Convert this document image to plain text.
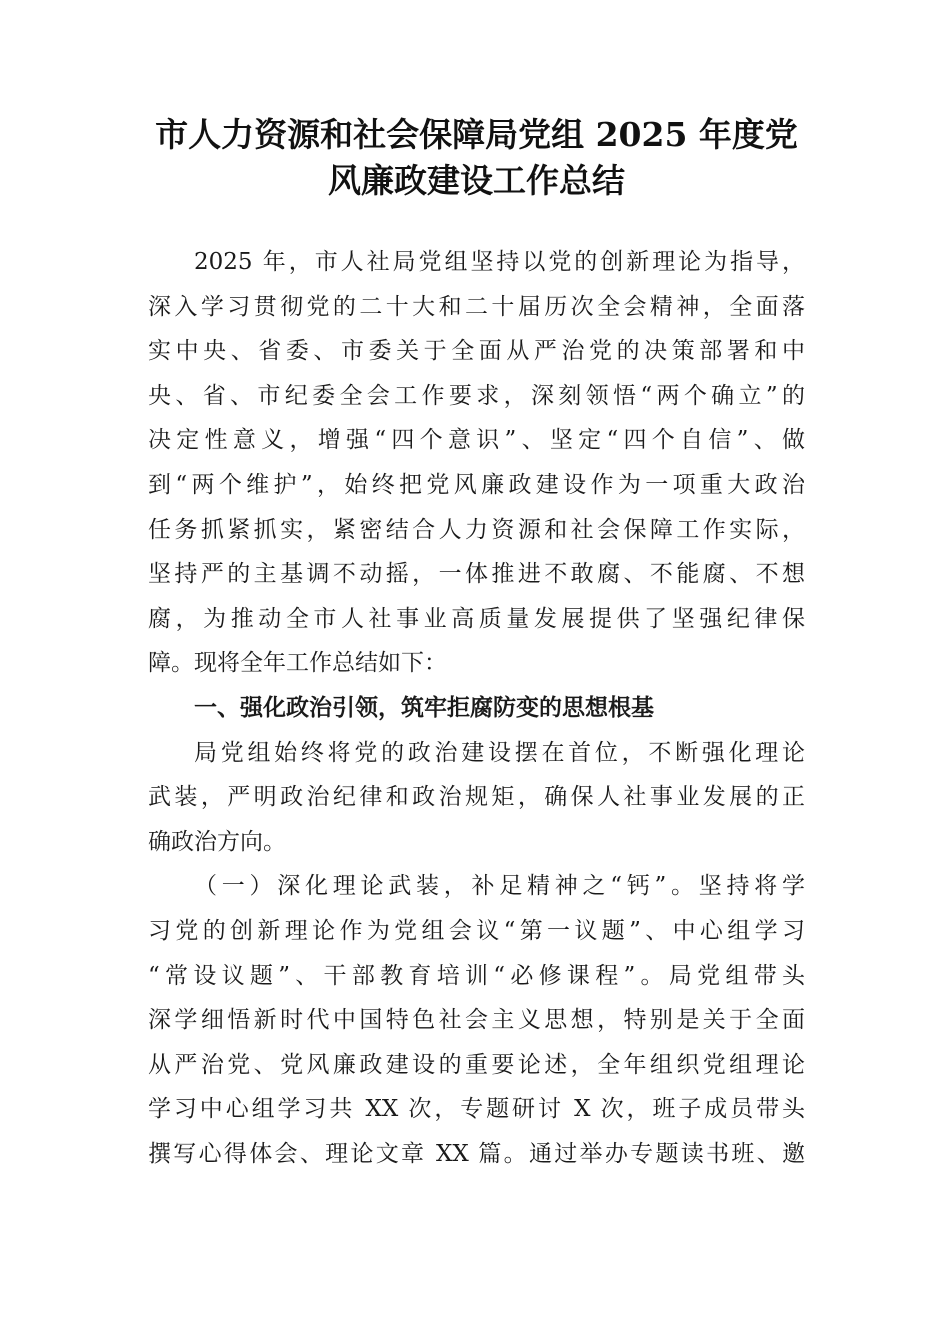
市人力资源和社会保障局党组 2025 年度党
风廉政建设工作总结
2025 年，市人社局党组坚持以党的创新理论为指导，
深入学习贯彻党的二十大和二十届历次全会精神，全面落
实中央、省委、市委关于全面从严治党的决策部署和中
央、省、市纪委全会工作要求，深刻领悟“两个确立”的
决定性意义，增强“四个意识”、坚定“四个自信”、做
到“两个维护”，始终把党风廉政建设作为一项重大政治
任务抓紧抓实，紧密结合人力资源和社会保障工作实际，
坚持严的主基调不动摇，一体推进不敢腐、不能腐、不想
腐，为推动全市人社事业高质量发展提供了坚强纪律保
障。现将全年工作总结如下：
一、强化政治引领，筑牢拒腐防变的思想根基
局党组始终将党的政治建设摆在首位，不断强化理论
武装，严明政治纪律和政治规矩，确保人社事业发展的正
确政治方向。
（一）深化理论武装，补足精神之“钙”。坚持将学
习党的创新理论作为党组会议“第一议题”、中心组学习
“常设议题”、干部教育培训“必修课程”。局党组带头
深学细悟新时代中国特色社会主义思想，特别是关于全面
从严治党、党风廉政建设的重要论述，全年组织党组理论
学习中心组学习共 XX 次，专题研讨 X 次，班子成员带头
撰写心得体会、理论文章 XX 篇。通过举办专题读书班、邀
